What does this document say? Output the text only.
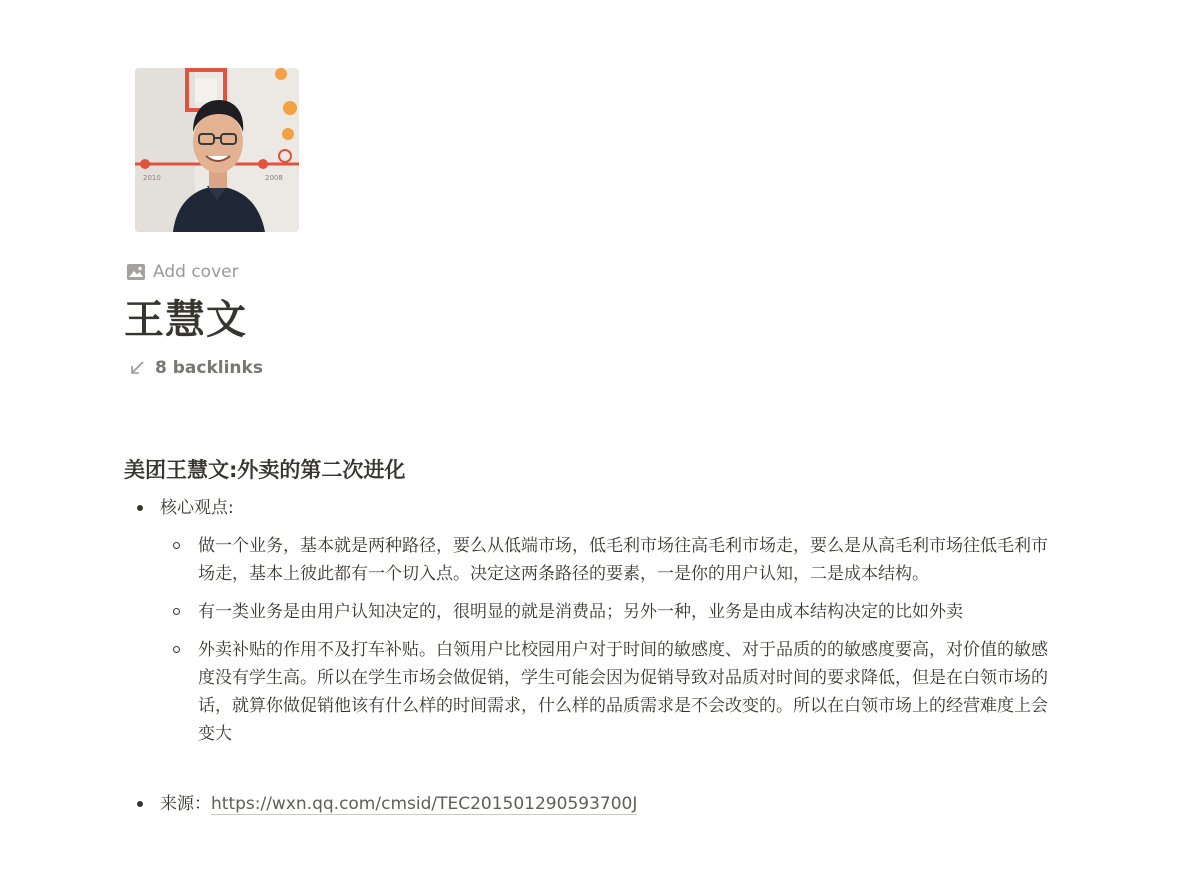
2010	2008
Add cover
王慧文
8 backlinks
美团王慧文:外卖的第二次进化
核心观点:
做一个业务，基本就是两种路径，要么从低端市场，低毛利市场往高毛利市场走，要么是从高毛利市场往低毛利市场走，基本上彼此都有一个切入点。决定这两条路径的要素，一是你的用户认知，二是成本结构。
有一类业务是由用户认知决定的，很明显的就是消费品；另外一种，业务是由成本结构决定的比如外卖
外卖补贴的作用不及打车补贴。白领用户比校园用户对于时间的敏感度、对于品质的的敏感度要高，对价值的敏感度没有学生高。所以在学生市场会做促销，学生可能会因为促销导致对品质对时间的要求降低，但是在白领市场的话，就算你做促销他该有什么样的时间需求，什么样的品质需求是不会改变的。所以在白领市场上的经营难度上会变大
来源：https://wxn.qq.com/cmsid/TEC201501290593700J
